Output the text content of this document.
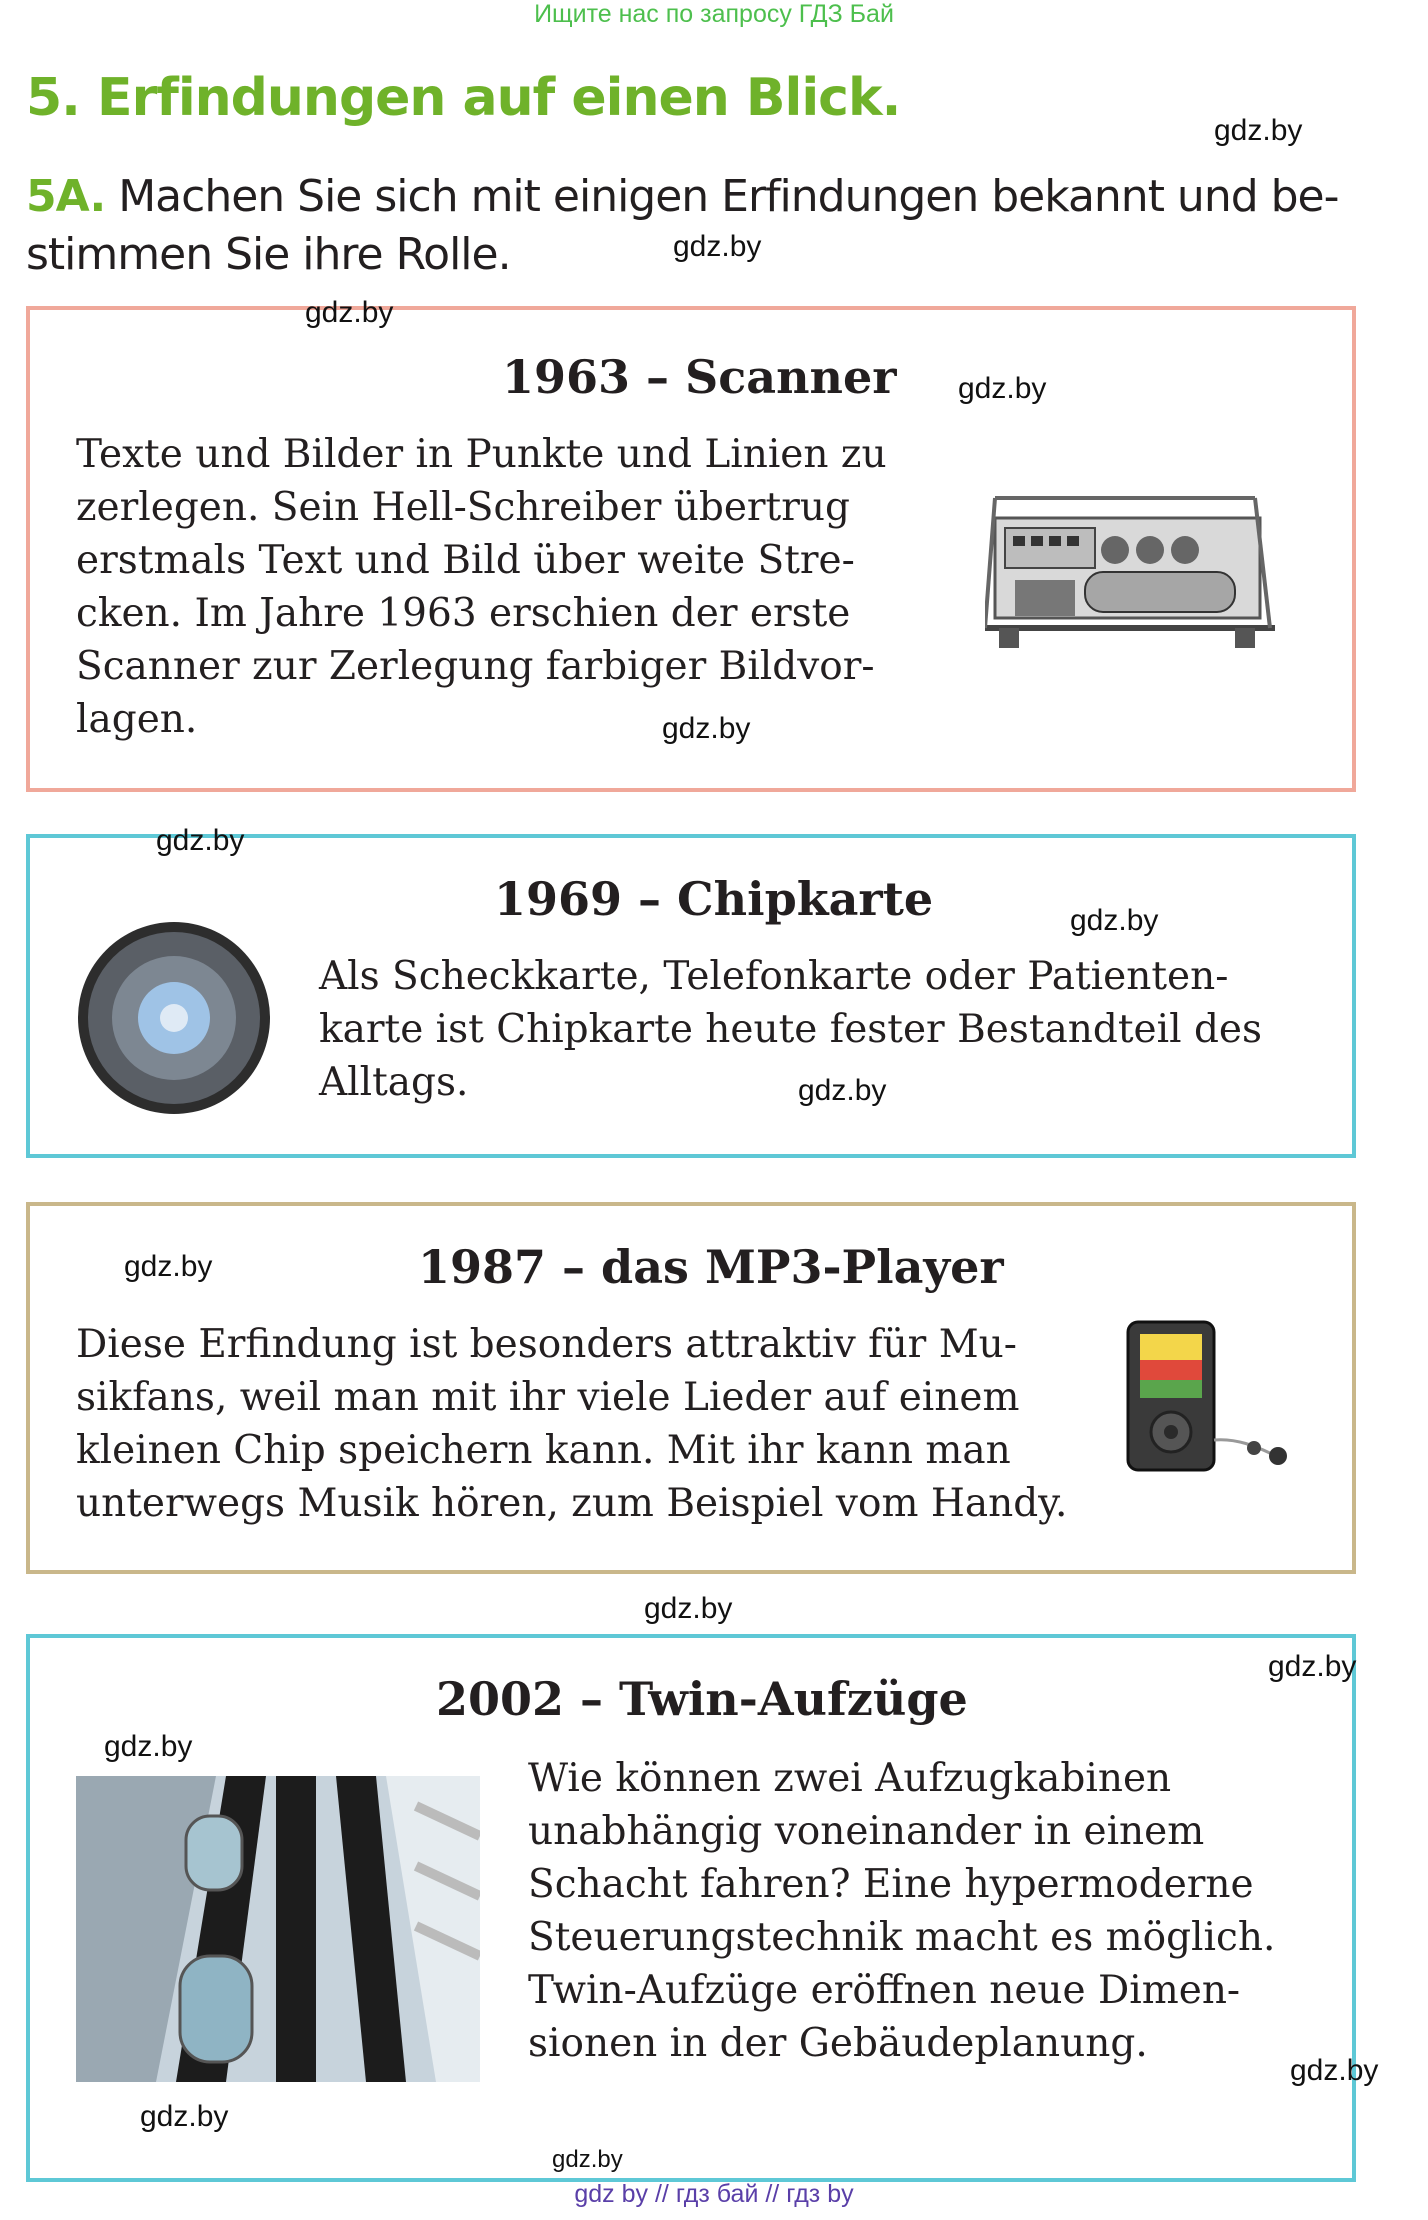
Ищите нас по запросу ГДЗ Бай
5. Erfindungen auf einen Blick.
gdz.by
5A. Machen Sie sich mit einigen Erfindungen bekannt und be-
stimmen Sie ihre Rolle.	gdz.by
gdz.by
1963 – Scanner gdz.by
Texte und Bilder in Punkte und Linien zu
zerlegen. Sein Hell-Schreiber übertrug
erstmals Text und Bild über weite Stre-
cken. Im Jahre 1963 erschien der erste
Scanner zur Zerlegung farbiger Bildvor-
lagen.	gdz.by
gdz.by
1969 – Chipkarte	gdz.by
Als Scheckkarte, Telefonkarte oder Patienten-
karte ist Chipkarte heute fester Bestandteil des
Alltags.	gdz.by
gdz.by	1987 – das MP3-Player
Diese Erfindung ist besonders attraktiv für Mu-
sikfans, weil man mit ihr viele Lieder auf einem
kleinen Chip speichern kann. Mit ihr kann man
unterwegs Musik hören, zum Beispiel vom Handy.
gdz.by
gdz.by
2002 – Twin-Aufzüge
gdz.by
Wie können zwei Aufzugkabinen
unabhängig voneinander in einem
Schacht fahren? Eine hypermoderne
Steuerungstechnik macht es möglich.
Twin-Aufzüge eröffnen neue Dimen-
sionen in der Gebäudeplanung.
gdz.by
gdz.by
gdz.by
gdz by // гдз бай // гдз by
